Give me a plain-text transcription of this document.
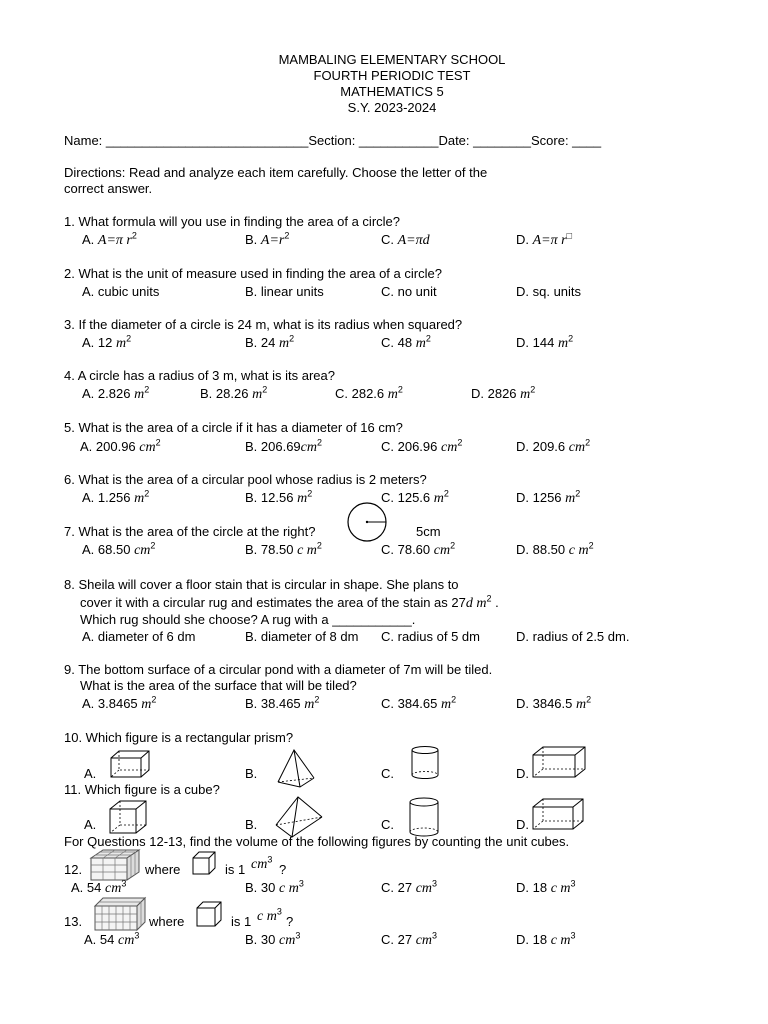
MAMBALING ELEMENTARY SCHOOL
FOURTH PERIODIC TEST
MATHEMATICS 5
S.Y. 2023-2024
Name: ____________________________Section: ___________Date: ________Score: ____
Directions: Read and analyze each item carefully. Choose the letter of the
correct answer.
1. What formula will you use in finding the area of a circle?
A. A=π $r^2$	B. $A=r^2$	C. A=πd	D. A=π r□
2. What is the unit of measure used in finding the area of a circle?
A. cubic units	B. linear units	C. no unit	D. sq. units
3. If the diameter of a circle is 24 m, what is its radius when squared?
A. 12 $m^2$	B. 24 $m^2$	C. 48 $m^2$	D. 144 $m^2$
4. A circle has a radius of 3 m, what is its area?
A. 2.826 $m^2$	B. 28.26 $m^2$	C. 282.6 $m^2$	D. 2826 $m^2$
5. What is the area of a circle if it has a diameter of 16 cm?
A. 200.96 $cm^2$	B. $206.69cm^2$	C. 206.96 $cm^2$	D. 209.6 $cm^2$
6. What is the area of a circular pool whose radius is 2 meters?
A. 1.256 $m^2$	B. 12.56 $m^2$	C. 125.6 $m^2$	D. 1256 $m^2$
7. What is the area of the circle at the right?	5cm
A. 68.50 $cm^2$	B. 78.50 c $m^2$	C. 78.60 $cm^2$	D. 88.50 c $m^2$
8. Sheila will cover a floor stain that is circular in shape. She plans to
cover it with a circular rug and estimates the area of the stain as 27d $m^2$ .
Which rug should she choose? A rug with a ___________.
A. diameter of 6 dm	B. diameter of 8 dm C. radius of 5 dm	D. radius of 2.5 dm.
9. The bottom surface of a circular pond with a diameter of 7m will be tiled.
What is the area of the surface that will be tiled?
A. 3.8465 $m^2$	B. 38.465 $m^2$	C. 384.65 $m^2$	D. 3846.5 $m^2$
10. Which figure is a rectangular prism?
A.	B.	C.	D.
11. Which figure is a cube?
A.	B.	C.	D.
For Questions 12-13, find the volume of the following figures by counting the unit cubes.
12.	where	is 1 $cm^3$
?
A. 54 $cm^3$	B. 30 c $m^3$	C. 27 $cm^3$	D. 18 c $m^3$
13.	where	is 1 c $m^3$
?
A. 54 $cm^3$	B. 30 $cm^3$	C. 27 $cm^3$	D. 18 c $m^3$
